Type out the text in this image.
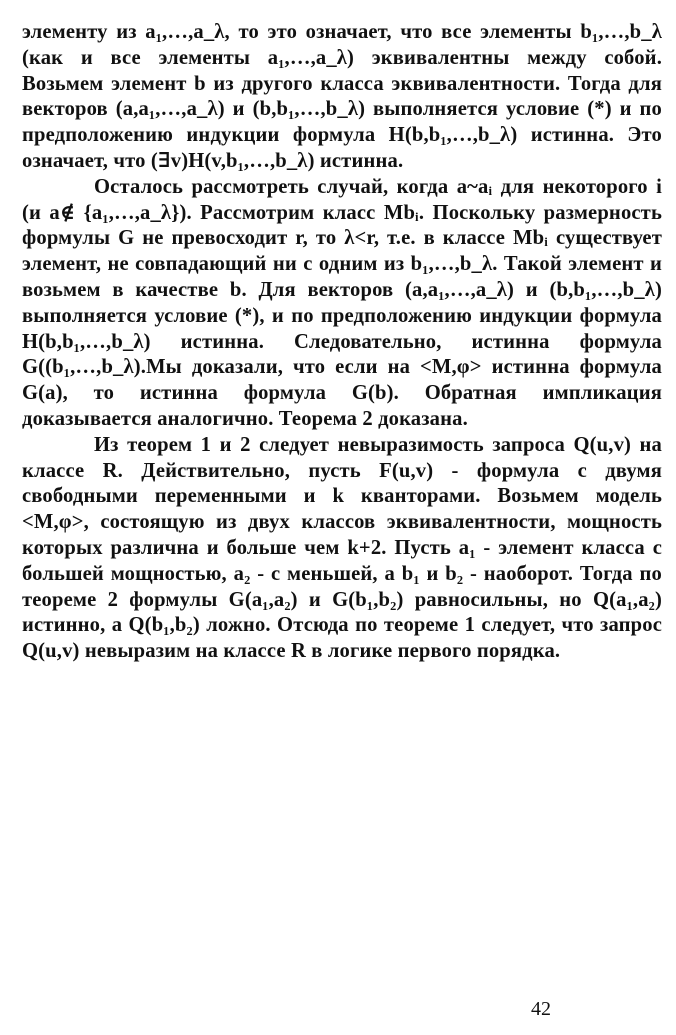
элементу из a₁,…,a_λ, то это означает, что все элементы b₁,…,b_λ (как и все элементы a₁,…,a_λ) эквивалентны между собой. Возьмем элемент b из другого класса эквивалентности. Тогда для векторов (a,a₁,…,a_λ) и (b,b₁,…,b_λ) выполняется условие (*) и по предположению индукции формула H(b,b₁,…,b_λ) истинна. Это означает, что (∃v)H(v,b₁,…,b_λ) истинна.

Осталось рассмотреть случай, когда a~aᵢ для некоторого i (и a∉ {a₁,…,a_λ}). Рассмотрим класс Mbᵢ. Поскольку размерность формулы G не превосходит r, то λ<r, т.е. в классе Mbᵢ существует элемент, не совпадающий ни с одним из b₁,…,b_λ. Такой элемент и возьмем в качестве b. Для векторов (a,a₁,…,a_λ) и (b,b₁,…,b_λ) выполняется условие (*), и по предположению индукции формула H(b,b₁,…,b_λ) истинна. Следовательно, истинна формула G((b₁,…,b_λ).Мы доказали, что если на <M,φ> истинна формула G(a), то истинна формула G(b). Обратная импликация доказывается аналогично. Теорема 2 доказана.

Из теорем 1 и 2 следует невыразимость запроса Q(u,v) на классе R. Действительно, пусть F(u,v) - формула с двумя свободными переменными и k кванторами. Возьмем модель <M,φ>, состоящую из двух классов эквивалентности, мощность которых различна и больше чем k+2. Пусть a₁ - элемент класса с большей мощностью, a₂ - с меньшей, а b₁ и b₂ - наоборот. Тогда по теореме 2 формулы G(a₁,a₂) и G(b₁,b₂) равносильны, но Q(a₁,a₂) истинно, а Q(b₁,b₂) ложно. Отсюда по теореме 1 следует, что запрос Q(u,v) невыразим на классе R в логике первого порядка.

42
